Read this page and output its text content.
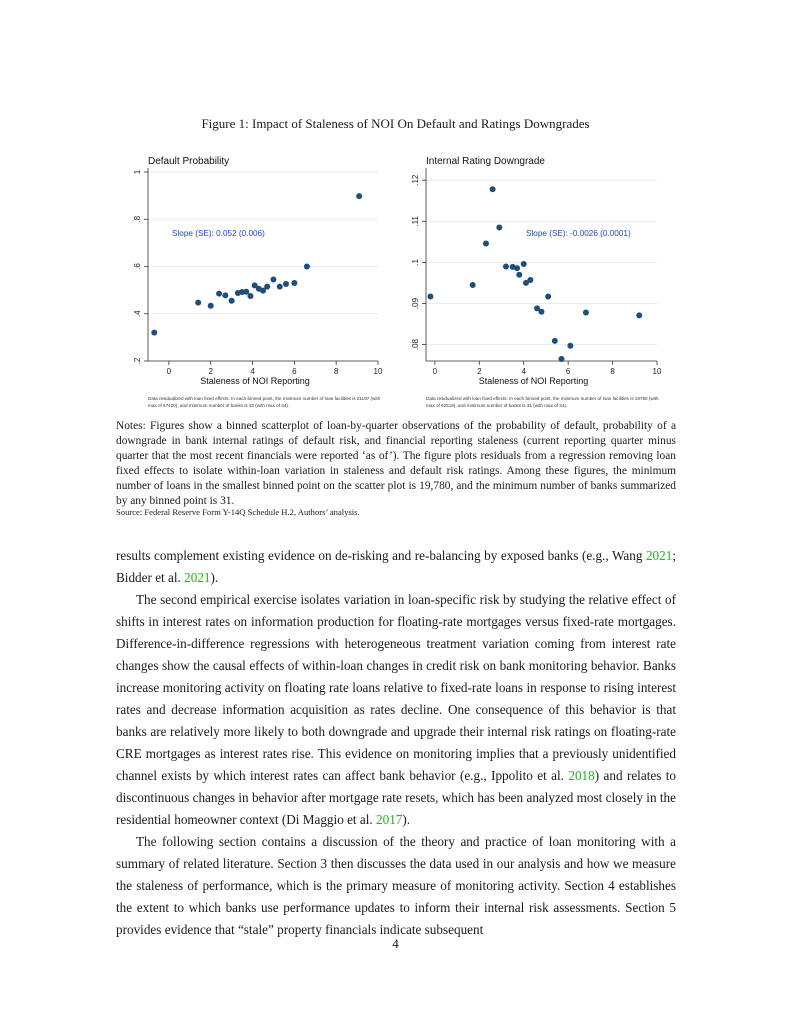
Figure 1: Impact of Staleness of NOI On Default and Ratings Downgrades
Default Probability
.2
.4
.6
.8
1
0	2	4	6	8	10
Staleness of NOI Reporting
Slope (SE): 0.052 (0.006)
Data residualized with loan fixed effects. In each binned point, the minimum number of loan facilities is 21197 (with max of 67420), and minimum number of banks is 32 (with max of 34).
Internal Rating Downgrade
.08
.09
.1
.11
.12
0	2	4	6	8	10
Staleness of NOI Reporting
Slope (SE): -0.0026 (0.0001)
Data residualized with loan fixed effects. In each binned point, the minimum number of loan facilities is 19780 (with max of 62519), and minimum number of banks is 31 (with max of 34).
Notes: Figures show a binned scatterplot of loan-by-quarter observations of the probability of default, probability of a downgrade in bank internal ratings of default risk, and financial reporting staleness (current reporting quarter minus quarter that the most recent financials were reported ‘as of’). The figure plots residuals from a regression removing loan fixed effects to isolate within-loan variation in staleness and default risk ratings. Among these figures, the minimum number of loans in the smallest binned point on the scatter plot is 19,780, and the minimum number of banks summarized by any binned point is 31.
Source: Federal Reserve Form Y-14Q Schedule H.2, Authors’ analysis.

results complement existing evidence on de-risking and re-balancing by exposed banks (e.g., Wang 2021; Bidder et al. 2021).

The second empirical exercise isolates variation in loan-specific risk by studying the relative effect of shifts in interest rates on information production for floating-rate mortgages versus fixed-rate mortgages. Difference-in-difference regressions with heterogeneous treatment variation coming from interest rate changes show the causal effects of within-loan changes in credit risk on bank monitoring behavior. Banks increase monitoring activity on floating rate loans relative to fixed-rate loans in response to rising interest rates and decrease information acquisition as rates decline. One consequence of this behavior is that banks are relatively more likely to both downgrade and upgrade their internal risk ratings on floating-rate CRE mortgages as interest rates rise. This evidence on monitoring implies that a previously unidentified channel exists by which interest rates can affect bank behavior (e.g., Ippolito et al. 2018) and relates to discontinuous changes in behavior after mortgage rate resets, which has been analyzed most closely in the residential homeowner context (Di Maggio et al. 2017).

The following section contains a discussion of the theory and practice of loan monitoring with a summary of related literature. Section 3 then discusses the data used in our analysis and how we measure the staleness of performance, which is the primary measure of monitoring activity. Section 4 establishes the extent to which banks use performance updates to inform their internal risk assessments. Section 5 provides evidence that “stale” property financials indicate subsequent

4
